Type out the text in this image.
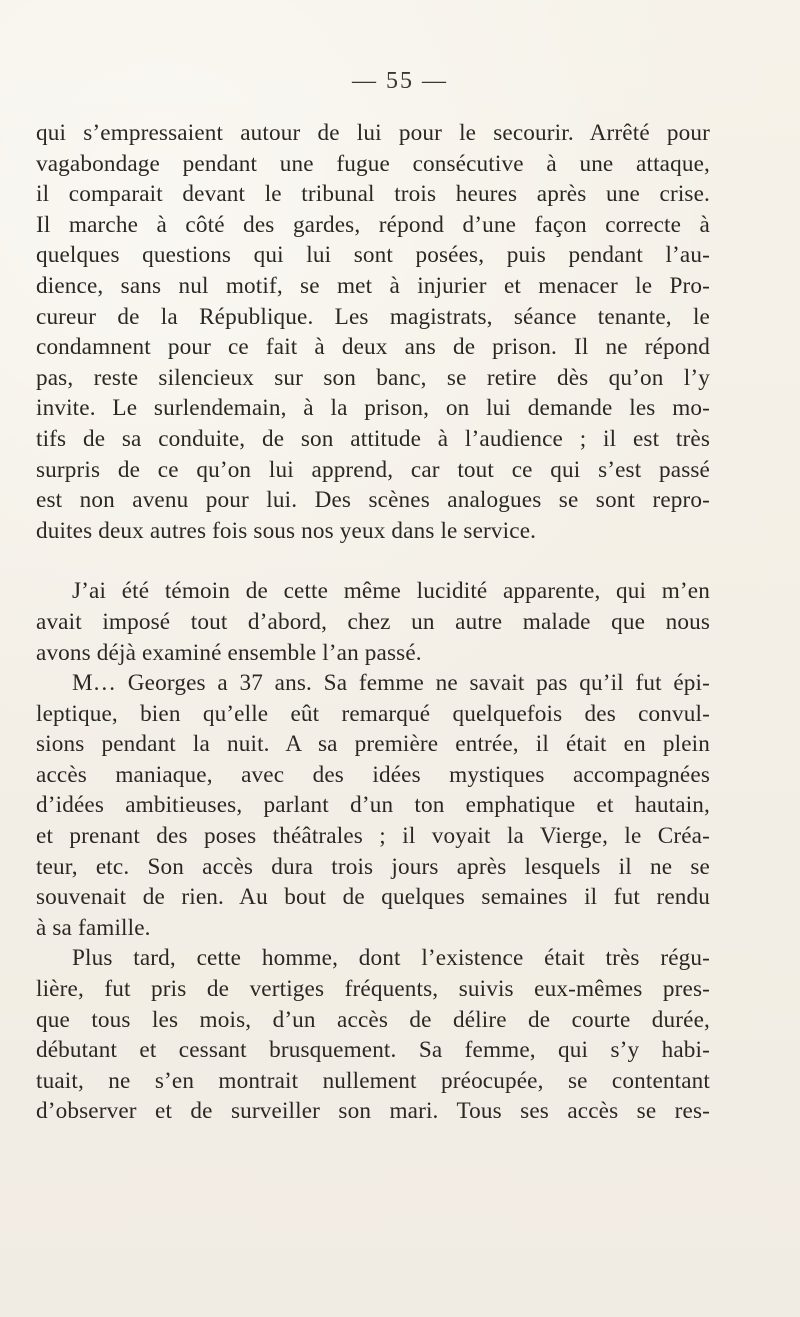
— 55 —
qui s’empressaient autour de lui pour le secourir. Arrêté pour
vagabondage pendant une fugue consécutive à une attaque,
il comparait devant le tribunal trois heures après une crise.
Il marche à côté des gardes, répond d’une façon correcte à
quelques questions qui lui sont posées, puis pendant l’au-
dience, sans nul motif, se met à injurier et menacer le Pro-
cureur de la République. Les magistrats, séance tenante, le
condamnent pour ce fait à deux ans de prison. Il ne répond
pas, reste silencieux sur son banc, se retire dès qu’on l’y
invite. Le surlendemain, à la prison, on lui demande les mo-
tifs de sa conduite, de son attitude à l’audience ; il est très
surpris de ce qu’on lui apprend, car tout ce qui s’est passé
est non avenu pour lui. Des scènes analogues se sont repro-
duites deux autres fois sous nos yeux dans le service.
J’ai été témoin de cette même lucidité apparente, qui m’en
avait imposé tout d’abord, chez un autre malade que nous
avons déjà examiné ensemble l’an passé.
M… Georges a 37 ans. Sa femme ne savait pas qu’il fut épi-
leptique, bien qu’elle eût remarqué quelquefois des convul-
sions pendant la nuit. A sa première entrée, il était en plein
accès maniaque, avec des idées mystiques accompagnées
d’idées ambitieuses, parlant d’un ton emphatique et hautain,
et prenant des poses théâtrales ; il voyait la Vierge, le Créa-
teur, etc. Son accès dura trois jours après lesquels il ne se
souvenait de rien. Au bout de quelques semaines il fut rendu
à sa famille.
Plus tard, cette homme, dont l’existence était très régu-
lière, fut pris de vertiges fréquents, suivis eux-mêmes pres-
que tous les mois, d’un accès de délire de courte durée,
débutant et cessant brusquement. Sa femme, qui s’y habi-
tuait, ne s’en montrait nullement préocupée, se contentant
d’observer et de surveiller son mari. Tous ses accès se res-
